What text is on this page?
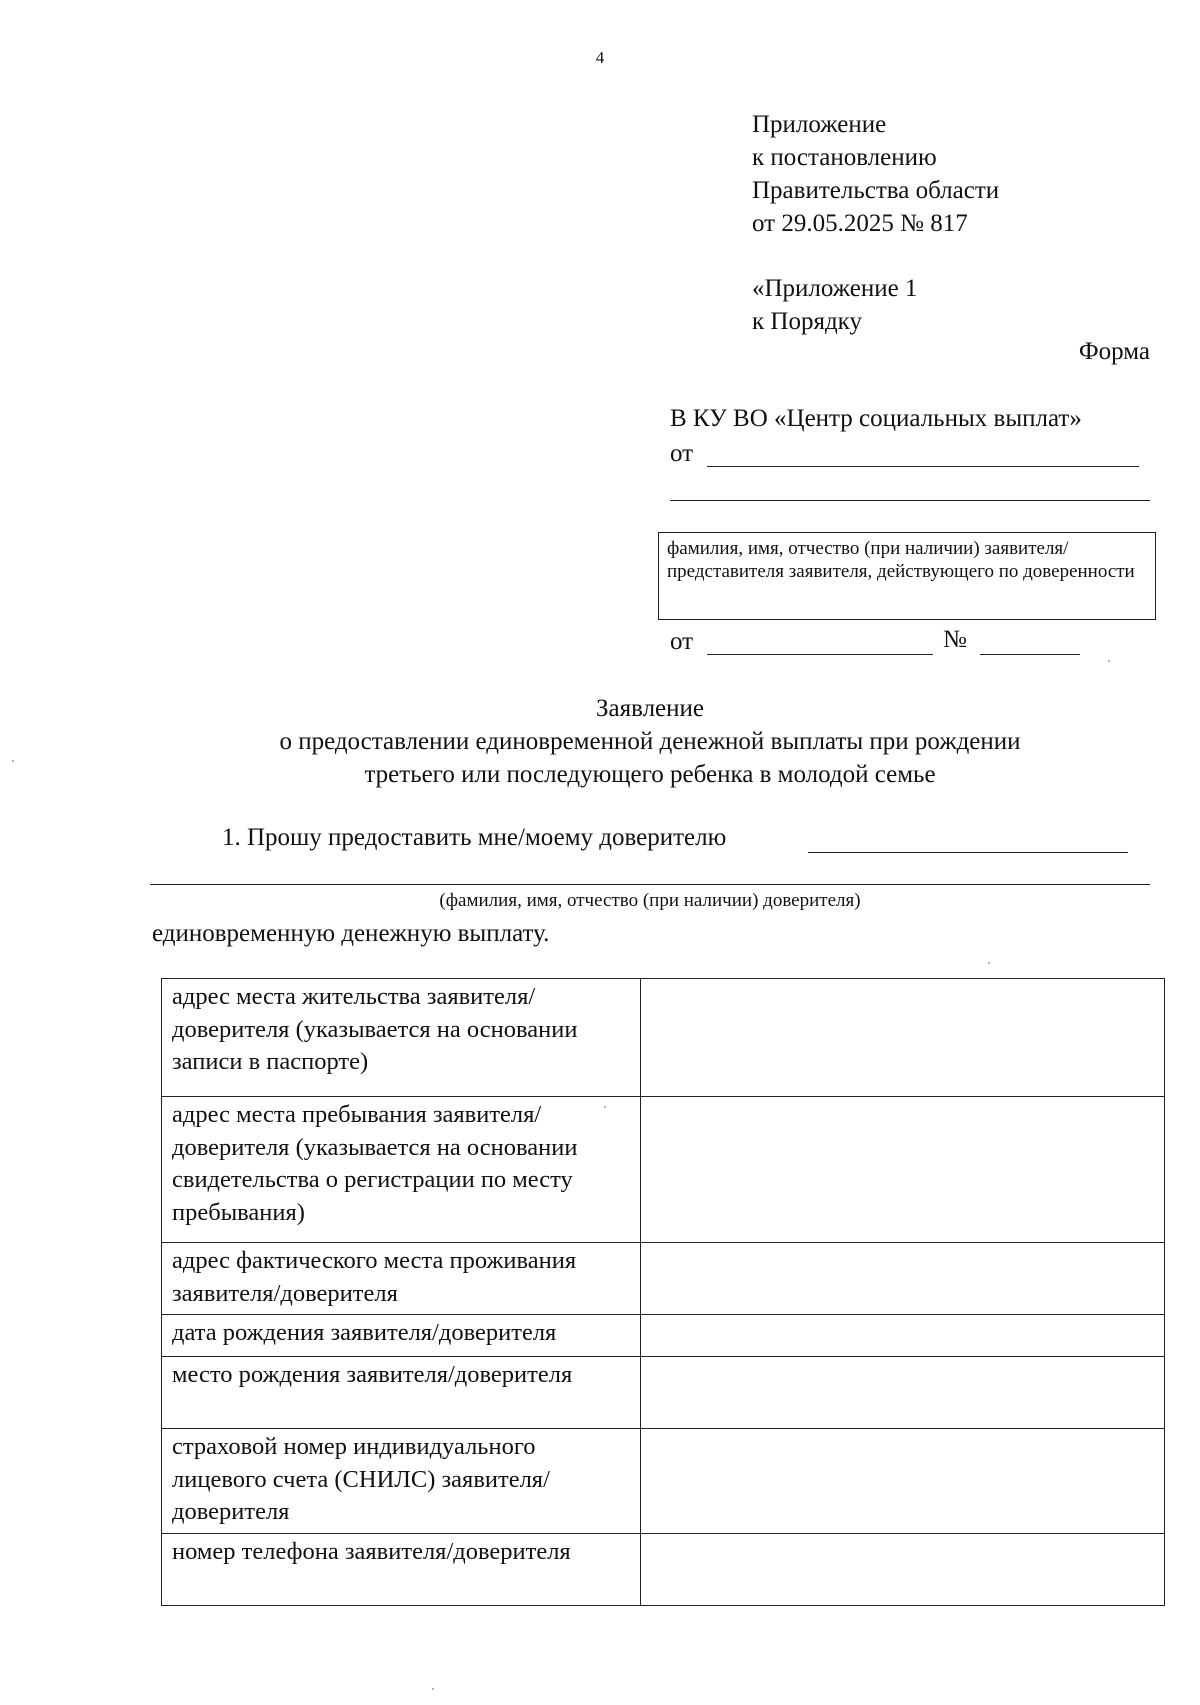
4
Приложение
к постановлению
Правительства области
от 29.05.2025 № 817
«Приложение 1
к Порядку
Форма
В КУ ВО «Центр социальных выплат»
от
фамилия, имя, отчество (при наличии) заявителя/представителя заявителя, действующего по доверенности
от	№
Заявление
о предоставлении единовременной денежной выплаты при рождении
третьего или последующего ребенка в молодой семье
1. Прошу предоставить мне/моему доверителю
(фамилия, имя, отчество (при наличии) доверителя)
единовременную денежную выплату.
адрес места жительства заявителя/доверителя (указывается на основании записи в паспорте)	
адрес места пребывания заявителя/доверителя (указывается на основании свидетельства о регистрации по месту пребывания)	
адрес фактического места проживания заявителя/доверителя	
дата рождения заявителя/доверителя	
место рождения заявителя/доверителя	
страховой номер индивидуального лицевого счета (СНИЛС) заявителя/доверителя	
номер телефона заявителя/доверителя	
